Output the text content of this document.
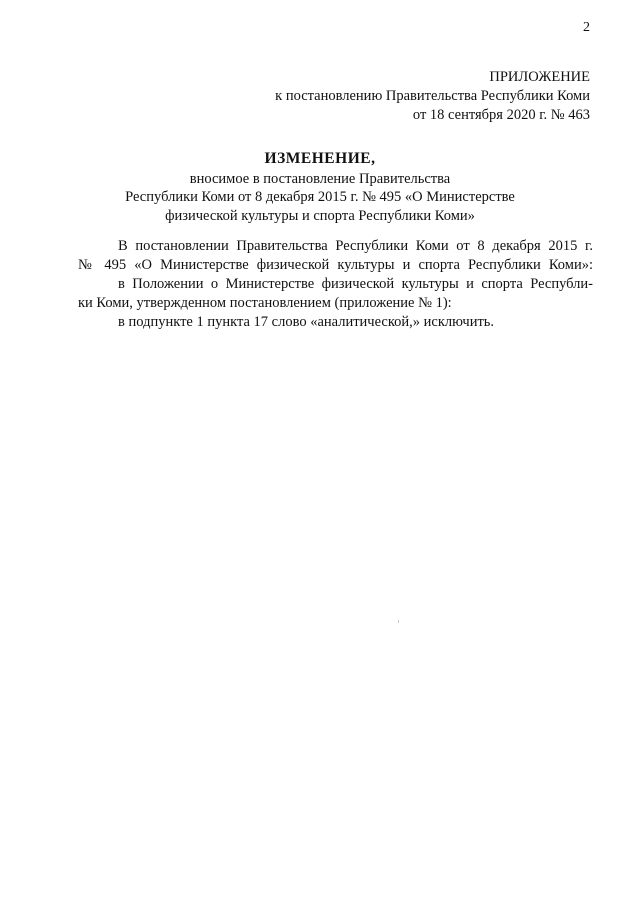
2
ПРИЛОЖЕНИЕ
к постановлению Правительства Республики Коми
от 18 сентября 2020 г. № 463
ИЗМЕНЕНИЕ,
вносимое в постановление Правительства
Республики Коми от 8 декабря 2015 г. № 495 «О Министерстве
физической культуры и спорта Республики Коми»

В постановлении Правительства Республики Коми от 8 декабря 2015 г.
№ 495 «О Министерстве физической культуры и спорта Республики Коми»:

в Положении о Министерстве физической культуры и спорта Республи-
ки Коми, утвержденном постановлением (приложение № 1):

в подпункте 1 пункта 17 слово «аналитической,» исключить.
